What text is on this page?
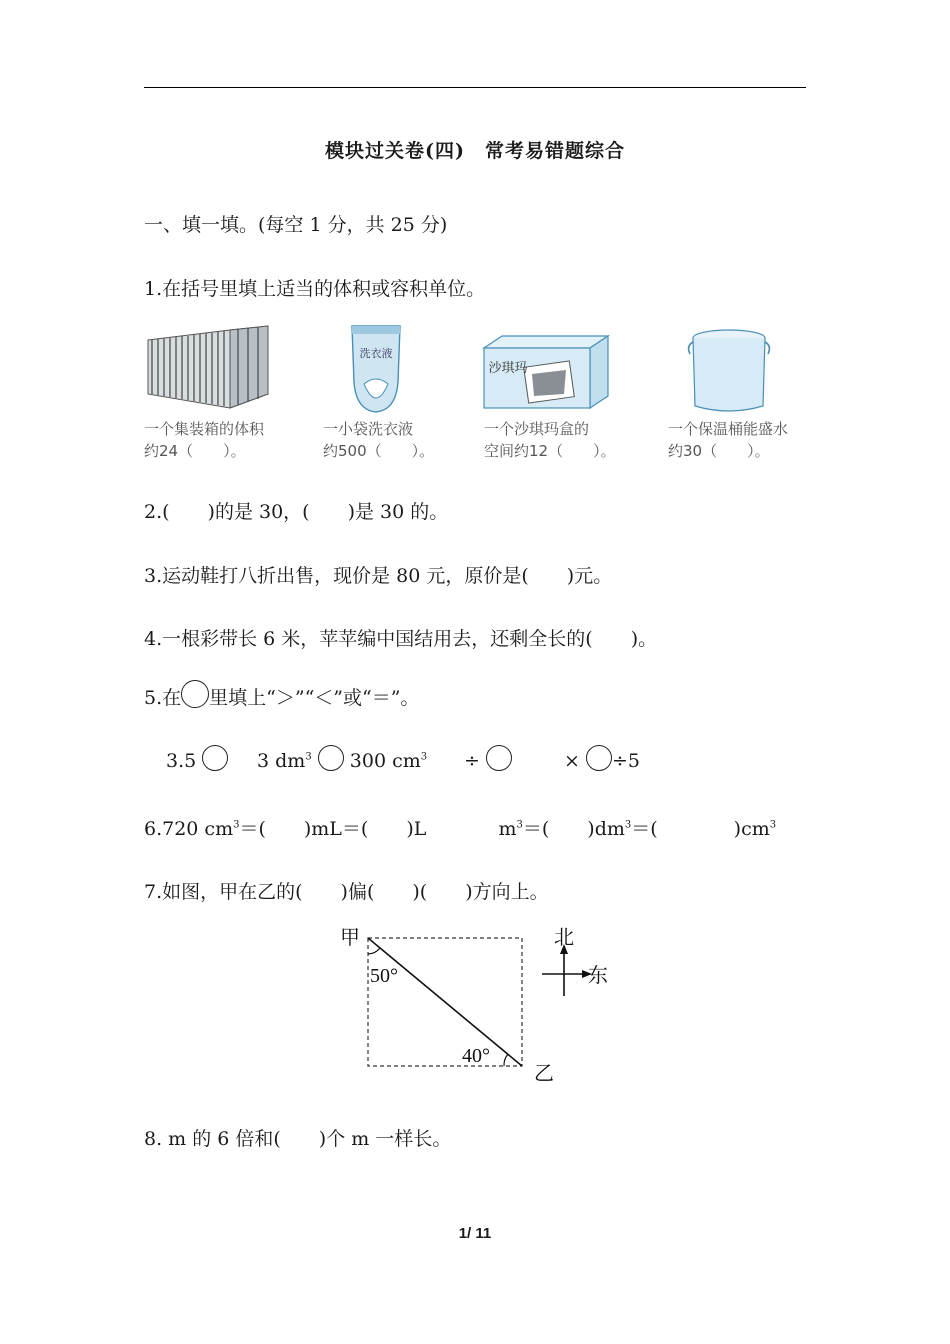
模块过关卷(四)　常考易错题综合
一、填一填。(每空 1 分，共 25 分)
1.在括号里填上适当的体积或容积单位。
洗衣液
沙琪玛
一个集装箱的体积
约24（　　）。
一小袋洗衣液
约500（　　）。
一个沙琪玛盒的
空间约12（　　）。
一个保温桶能盛水
约30（　　）。
2.(　　)的是 30，(　　)是 30 的。
3.运动鞋打八折出售，现价是 80 元，原价是(　　)元。
4.一根彩带长 6 米，苹苹编中国结用去，还剩全长的(　　)。
5.在 里填上“＞”“＜”或“＝”。
3.5	3 $dm^3$ 300 $cm^3$ ÷	× ÷5
6.720 $cm^3=$(　　)mL＝(　　)L	$m^3=$(　　)$dm^3=$(　　　　)$cm^3$
7.如图，甲在乙的(　　)偏(　　)(　　)方向上。
甲
50°
40°
乙
北
东
8. m 的 6 倍和(　　)个 m 一样长。
1/ 11
